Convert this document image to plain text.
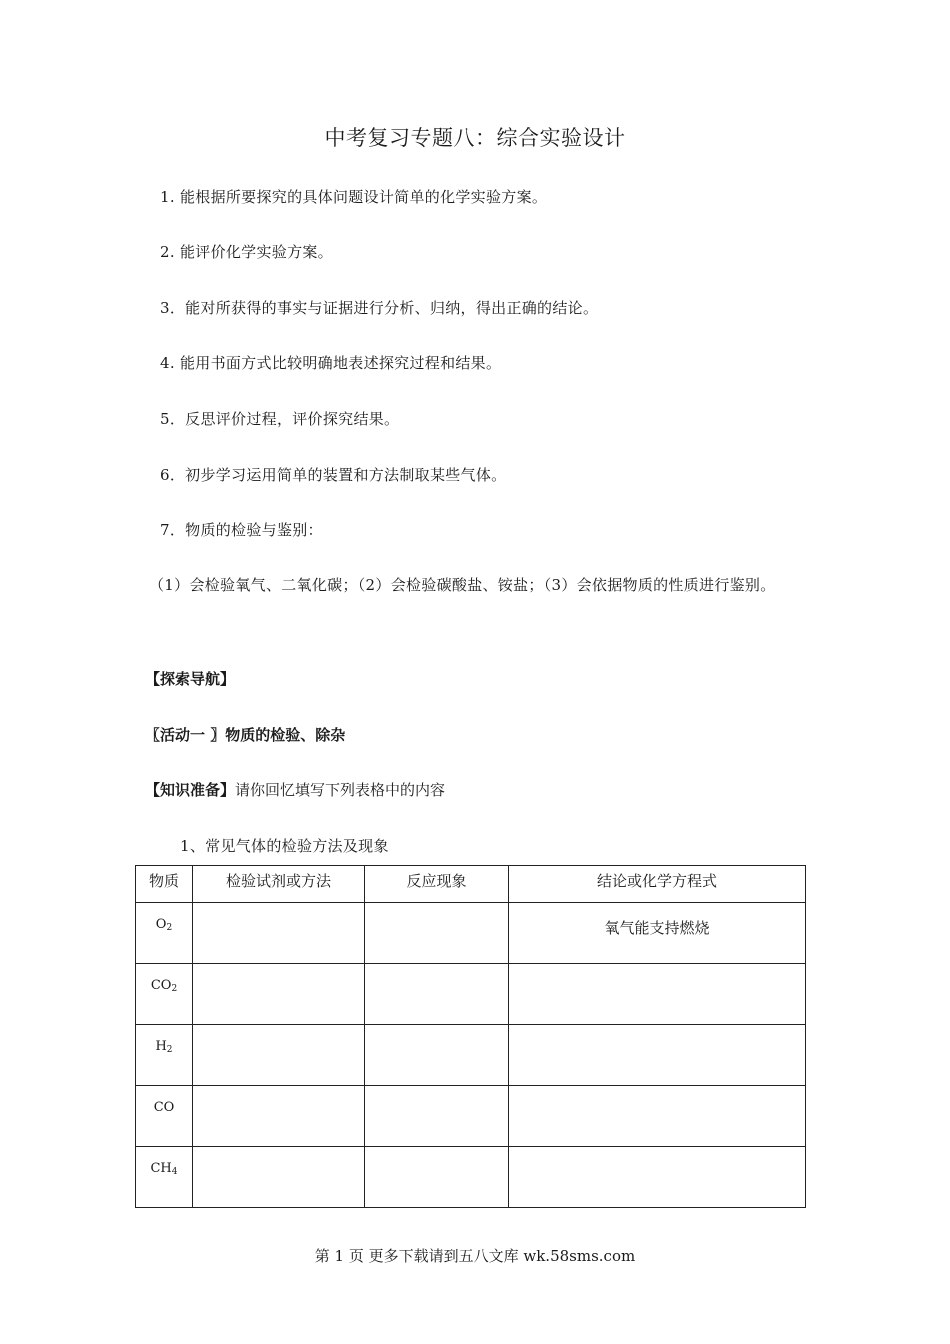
中考复习专题八：综合实验设计
1. 能根据所要探究的具体问题设计简单的化学实验方案。
2. 能评价化学实验方案。
3．能对所获得的事实与证据进行分析、归纳，得出正确的结论。
4. 能用书面方式比较明确地表述探究过程和结果。
5．反思评价过程，评价探究结果。
6．初步学习运用简单的装置和方法制取某些气体。
7．物质的检验与鉴别：
（1）会检验氧气、二氧化碳；（2）会检验碳酸盐、铵盐；（3）会依据物质的性质进行鉴别。
【探索导航】
〖活动一 〗物质的检验、除杂
【知识准备】请你回忆填写下列表格中的内容
1、常见气体的检验方法及现象
物质	检验试剂或方法	反应现象	结论或化学方程式

$O_2$			氧气能支持燃烧

$CO_2$

$H_2$

CO			

$CH_4$

第 1 页 更多下载请到五八文库 wk.58sms.com
